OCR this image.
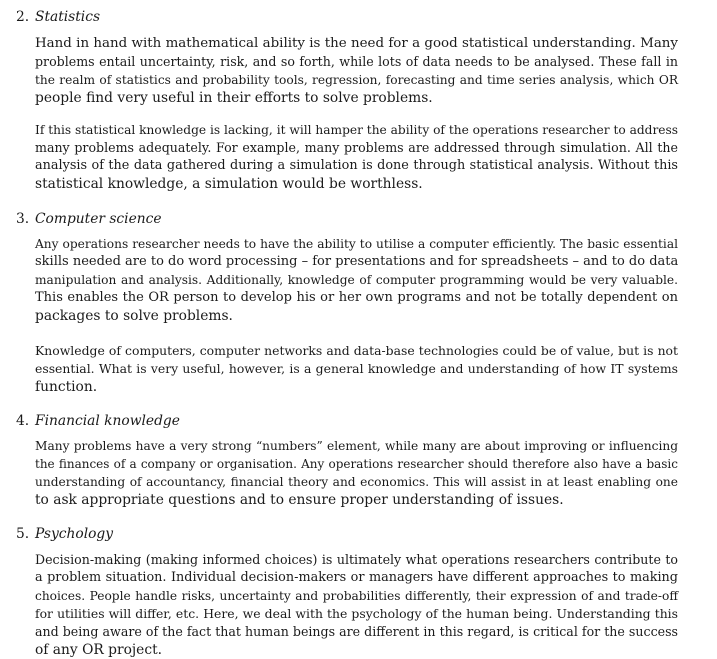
2. Statistics
Hand in hand with mathematical ability is the need for a good statistical understanding. Many
problems entail uncertainty, risk, and so forth, while lots of data needs to be analysed. These fall in
the realm of statistics and probability tools, regression, forecasting and time series analysis, which OR
people find very useful in their efforts to solve problems.
If this statistical knowledge is lacking, it will hamper the ability of the operations researcher to address
many problems adequately. For example, many problems are addressed through simulation. All the
analysis of the data gathered during a simulation is done through statistical analysis. Without this
statistical knowledge, a simulation would be worthless.
3. Computer science
Any operations researcher needs to have the ability to utilise a computer efficiently. The basic essential
skills needed are to do word processing – for presentations and for spreadsheets – and to do data
manipulation and analysis. Additionally, knowledge of computer programming would be very valuable.
This enables the OR person to develop his or her own programs and not be totally dependent on
packages to solve problems.
Knowledge of computers, computer networks and data-base technologies could be of value, but is not
essential. What is very useful, however, is a general knowledge and understanding of how IT systems
function.
4. Financial knowledge
Many problems have a very strong “numbers” element, while many are about improving or influencing
the finances of a company or organisation. Any operations researcher should therefore also have a basic
understanding of accountancy, financial theory and economics. This will assist in at least enabling one
to ask appropriate questions and to ensure proper understanding of issues.
5. Psychology
Decision-making (making informed choices) is ultimately what operations researchers contribute to
a problem situation. Individual decision-makers or managers have different approaches to making
choices. People handle risks, uncertainty and probabilities differently, their expression of and trade-off
for utilities will differ, etc. Here, we deal with the psychology of the human being. Understanding this
and being aware of the fact that human beings are different in this regard, is critical for the success
of any OR project.
